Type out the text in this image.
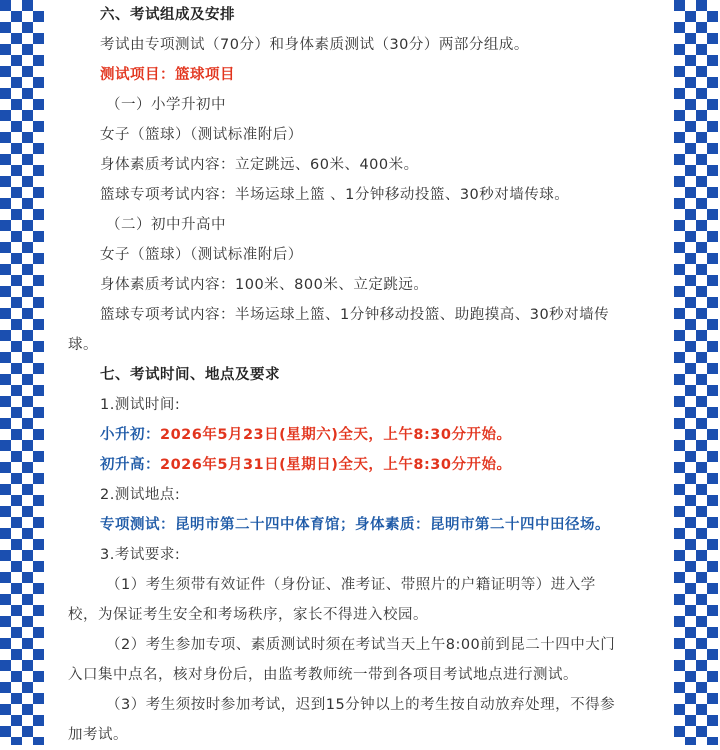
六、考试组成及安排
考试由专项测试（70分）和身体素质测试（30分）两部分组成。
测试项目：篮球项目
（一）小学升初中
女子（篮球）（测试标准附后）
身体素质考试内容：立定跳远、60米、400米。
篮球专项考试内容：半场运球上篮 、1分钟移动投篮、30秒对墙传球。
（二）初中升高中
女子（篮球）（测试标准附后）
身体素质考试内容：100米、800米、立定跳远。
篮球专项考试内容：半场运球上篮、1分钟移动投篮、助跑摸高、30秒对墙传
球。
七、考试时间、地点及要求
1.测试时间:
小升初：2026年5月23日(星期六)全天，上午8:30分开始。
初升高：2026年5月31日(星期日)全天，上午8:30分开始。
2.测试地点:
专项测试：昆明市第二十四中体育馆；身体素质：昆明市第二十四中田径场。
3.考试要求:
（1）考生须带有效证件（身份证、准考证、带照片的户籍证明等）进入学
校，为保证考生安全和考场秩序，家长不得进入校园。
（2）考生参加专项、素质测试时须在考试当天上午8:00前到昆二十四中大门
入口集中点名，核对身份后，由监考教师统一带到各项目考试地点进行测试。
（3）考生须按时参加考试，迟到15分钟以上的考生按自动放弃处理，不得参
加考试。
